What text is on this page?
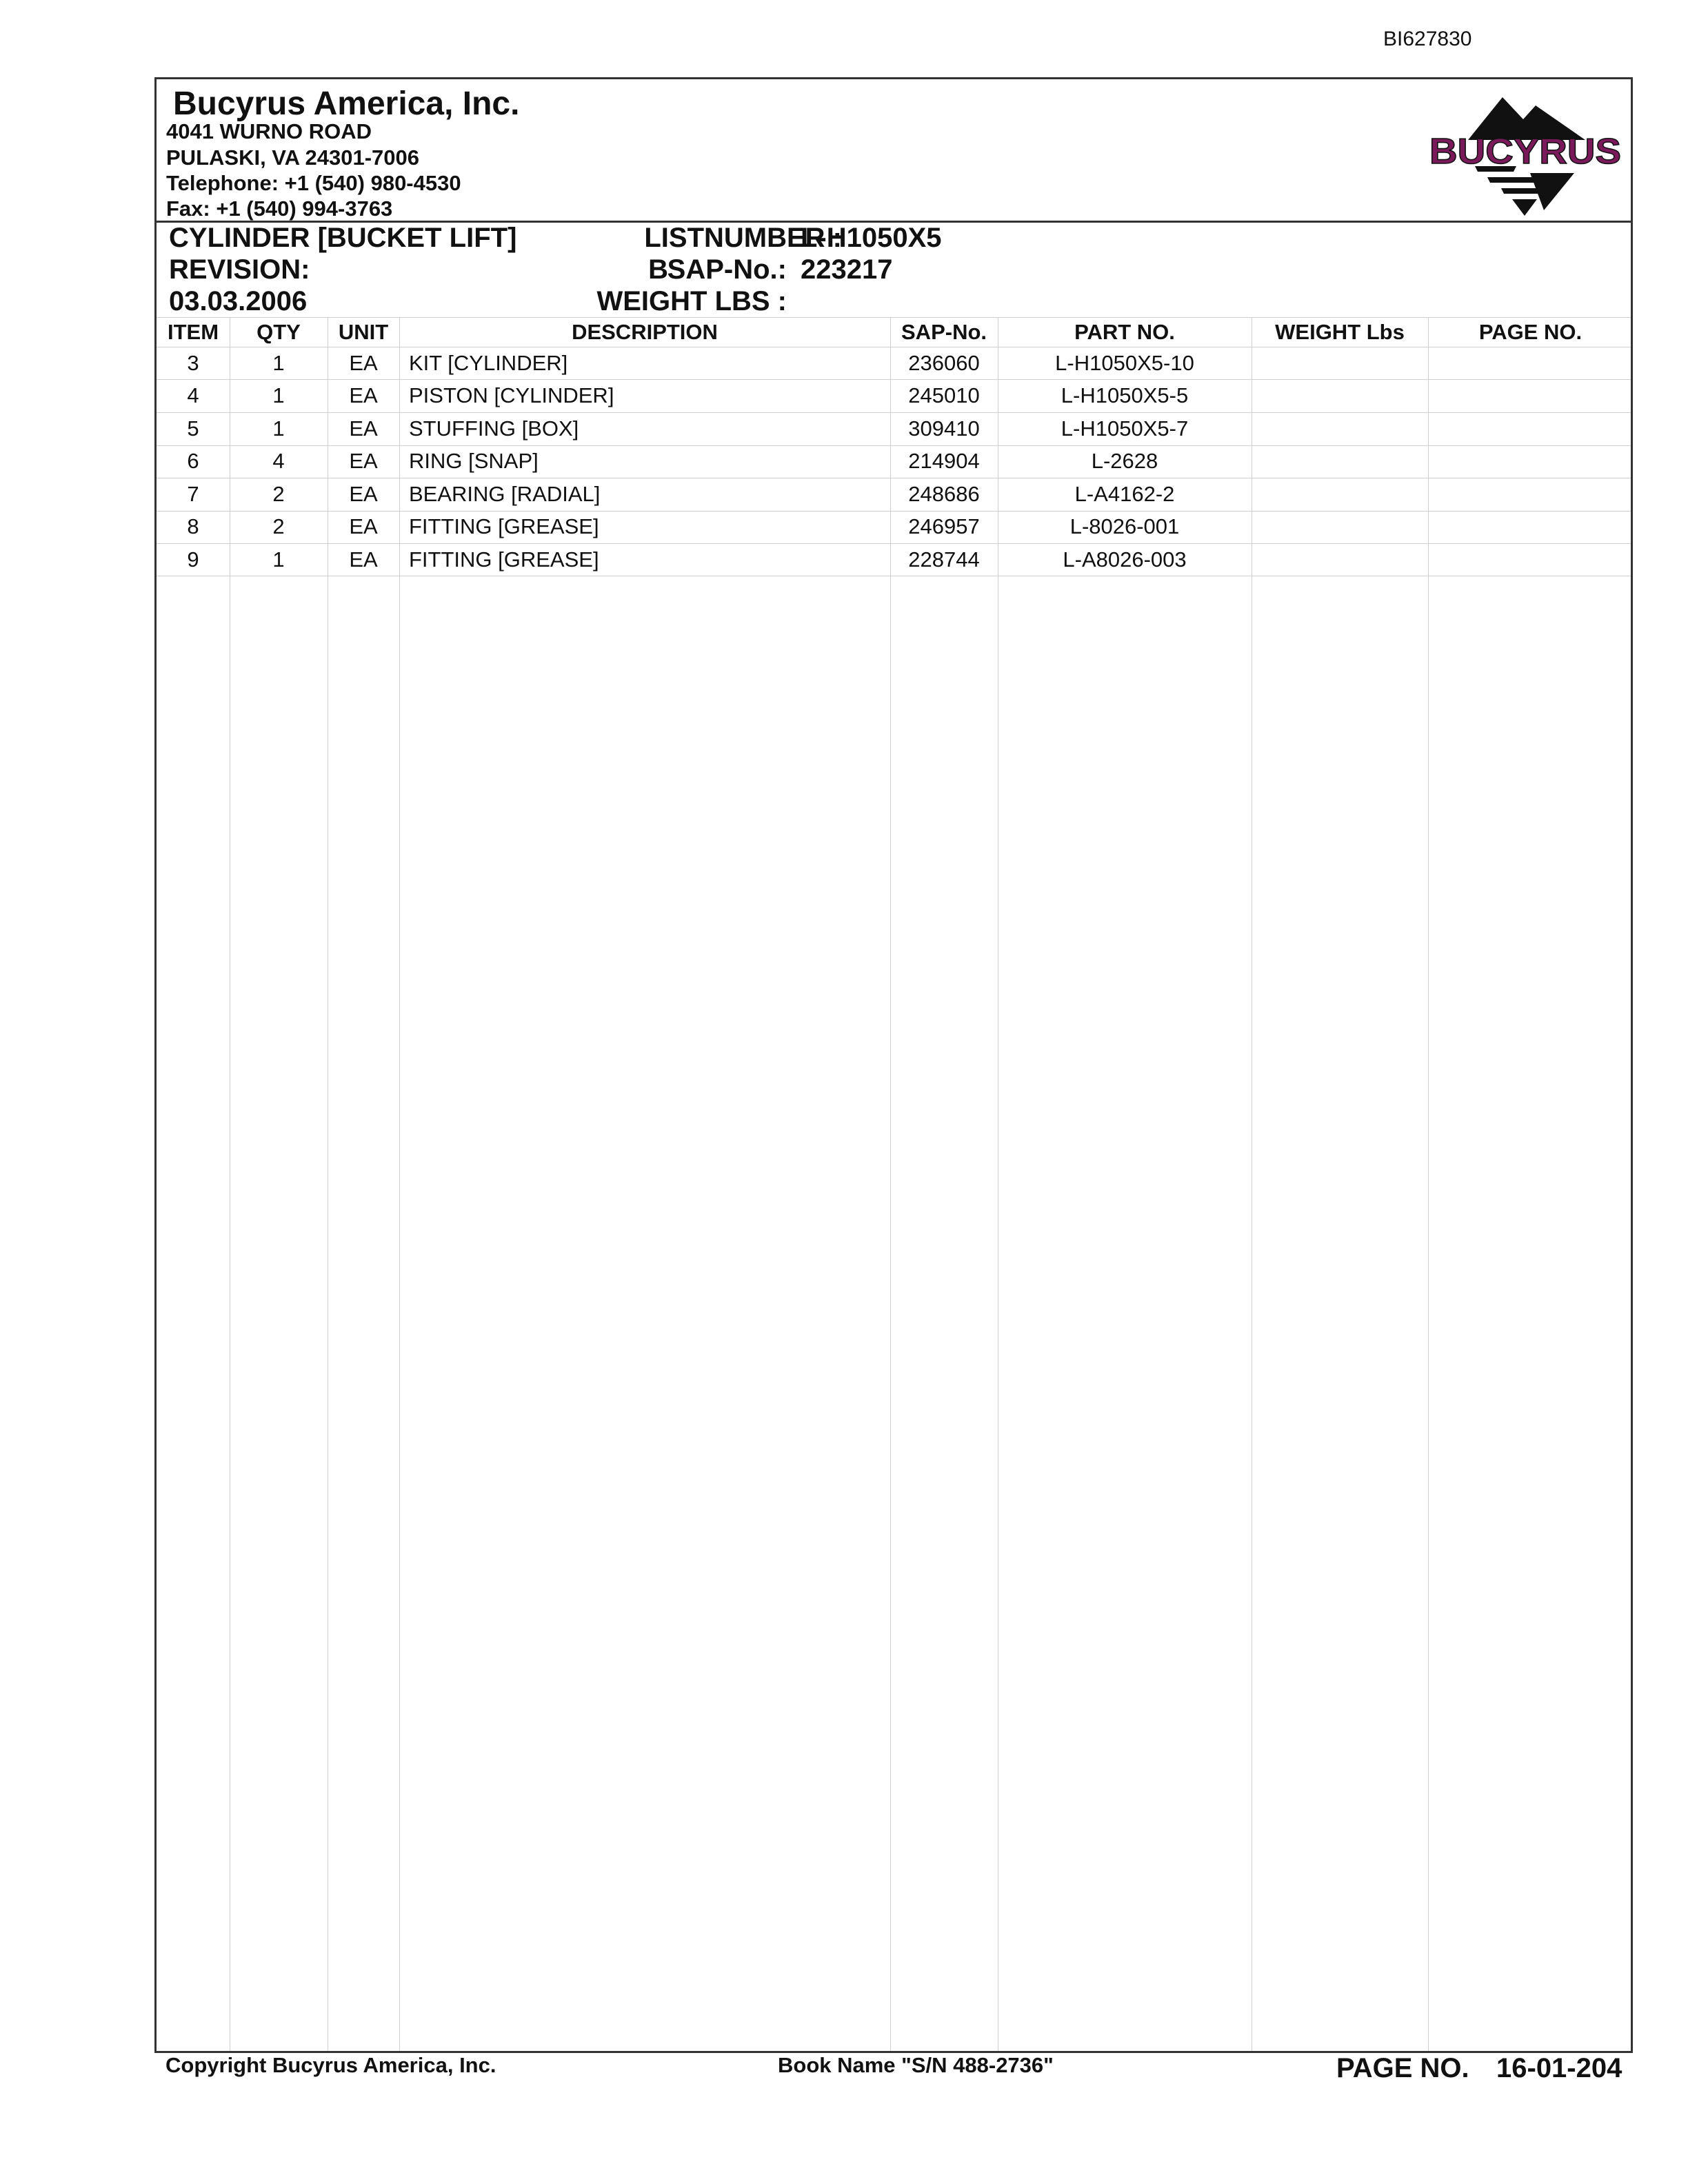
BI627830
Bucyrus America, Inc.
4041 WURNO ROAD
PULASKI, VA 24301-7006
Telephone: +1 (540) 980-4530
Fax: +1 (540) 994-3763
BUCYRUS
CYLINDER [BUCKET LIFT]	LISTNUMBER :
L-H1050X5
REVISION:	B
SAP-No.: 223217
03.03.2006	WEIGHT LBS :
ITEM	QTY	UNIT	DESCRIPTION	SAP-No.	PART NO.	WEIGHT Lbs	PAGE NO.
3	1	EA	KIT [CYLINDER]	236060	L-H1050X5-10
4	1	EA	PISTON [CYLINDER]	245010	L-H1050X5-5
5	1	EA	STUFFING [BOX]	309410	L-H1050X5-7
6	4	EA	RING [SNAP]	214904	L-2628
7	2	EA	BEARING [RADIAL]	248686	L-A4162-2
8	2	EA	FITTING [GREASE]	246957	L-8026-001
9	1	EA	FITTING [GREASE]	228744	L-A8026-003
Copyright Bucyrus America, Inc.	Book Name "S/N 488-2736"	PAGE NO. 16-01-204
